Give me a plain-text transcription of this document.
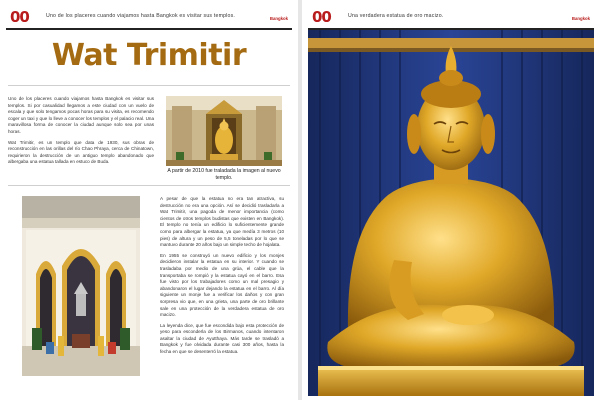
00	Uno de los placeres cuando viajamos hasta Bangkok es visitar sus templos.	Bangkok
Wat Trimitir

Uno de los placeres cuando viajamos hasta Bangkok es visitar sus templos. Si por casualidad llegamos a este ciudad con un vuelo de escala y que solo tengamos pocas horas para su visita, es recomendo coger un taxi y que lo lleve a conocer los templos y el palacio real. Una maravillosa forma de conocer la ciudad aunque solo sea por unas horas.

Wat Trimitir, es un templo que data de 1930, sus obras de reconstrucción en las orillas del río Chao Phraya, cerca de Chinatown, requirieron la destrucción de un antiguo templo abandonado que albergaba una estatua tallada en estuco de Buda.

A partir de 2010 fue traladada la imagen al nuevo templo.

A pesar de que la estatua no era tan atractiva, su destrucción no era una opción. Así se decidió trasladarla a Wat Trimitir, una pagoda de menor importancia (como cientos de otros templos budistas que existen en Bangkok). El templo no tenía un edificio lo suficientemente grande como para albergar la estatua, ya que medía 3 metros (10 pies) de altura y un peso de 5,5 toneladas por lo que se mantuvo durante 20 años bajo un simple techo de hojalata.

En 1955 se construyó un nuevo edificio y los monjes decidieron instalar la estatua en su interior. Y cuando se trasladaba por medio de una grúa, el cable que la transportaba se rompió y la estatua cayó en el barro. Esa fue visto por los trabajadores como un mal presagio y abandonaron el lugar dejando la estatua en el barro. Al día siguiente un monje fue a verificar los daños y con gran sorpresa vio que, en una grieta, una parte de oro brillante sale en una protección de la verdadera estatua de oro macizo.

La leyenda dice, que fue escondida bajo esta protección de yeso para esconderla de los Birmanos, cuando intentaron asaltar la ciudad de Ayutthaya. Más tarde se trasladó a Bangkok y fue olvidada durante casi 300 años, hasta la fecha en que se desenterró la estatua.

00	Una verdadera estatua de oro macizo.	Bangkok
